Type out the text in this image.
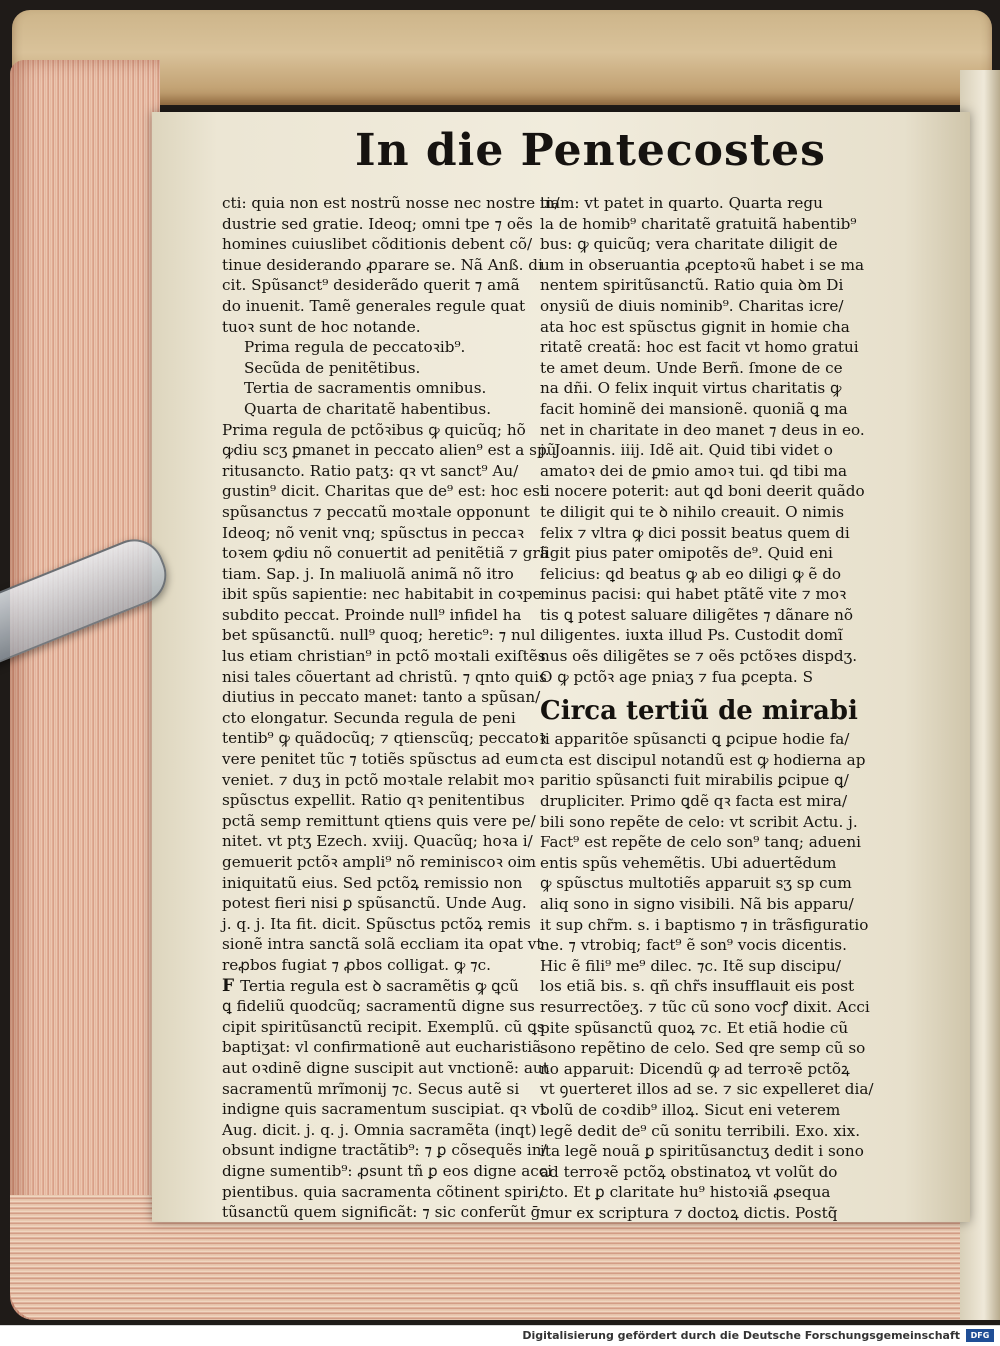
In die Pentecostes
cti: quia non est nostrũ nosse nec nostre in/
dustrie sed gratie. Ideoq; omni tpe ⁊ oẽs
homines cuiuslibet cõditionis debent cõ/
tinue desiderando ꝓparare se. Nã Anß. di
cit. Spũsanct⁹ desiderãdo querit ⁊ amã
do inuenit. Tamẽ generales regule quat
tuoꝛ sunt de hoc notande.
Prima regula de peccatoꝛib⁹.
Secũda de penitẽtibus.
Tertia de sacramentis omnibus.
Quarta de charitatẽ habentibus.
Prima regula de pctõꝛibus ꝙ quicũq; hõ
ꝙdiu scʒ ꝑmanet in peccato alien⁹ est a spũ
ritusancto. Ratio patʒ: qꝛ vt sanct⁹ Au/
gustin⁹ dicit. Charitas que de⁹ est: hoc est
spũsanctus ⁊ peccatũ moꝛtale opponunt
Ideoq; nõ venit vnq; spũsctus in peccaꝛ
toꝛem ꝙdiu nõ conuertit ad penitẽtiã ⁊ grã
tiam. Sap. j. In maliuolã animã nõ itro
ibit spũs sapientie: nec habitabit in coꝛpe
subdito peccat. Proinde null⁹ infidel ha
bet spũsanctũ. null⁹ quoq; heretic⁹: ⁊ nul
lus etiam christian⁹ in pctõ moꝛtali exiſtẽs
nisi tales cõuertant ad christũ. ⁊ qnto quis
diutius in peccato manet: tanto a spũsan/
cto elongatur. Secunda regula de peni
tentib⁹ ꝙ quãdocũq; ⁊ qtienscũq; peccatoꝛ
vere penitet tũc ⁊ totiẽs spũsctus ad eum
veniet. ⁊ duʒ in pctõ moꝛtale relabit moꝛ
spũsctus expellit. Ratio qꝛ penitentibus
pctã semp remittunt qtiens quis vere pe/
nitet. vt ptʒ Ezech. xviij. Quacũq; hoꝛa i/
gemuerit pctõꝛ ampli⁹ nõ reminiscoꝛ oim
iniquitatũ eius. Sed pctõꝝ remissio non
potest fieri nisi ꝑ spũsanctũ. Unde Aug.
j. q. j. Ita fit. dicit. Spũsctus pctõꝝ remis
sionẽ intra sanctã solã eccliam ita opat vt
reꝓbos fugiat ⁊ ꝓbos colligat. ꝙ ⁊c.
F Tertia regula est ꝺ sacramẽtis ꝙ ꝗcũ
ꝗ fideliũ quodcũq; sacramentũ digne sus
cipit spiritũsanctũ recipit. Exemplũ. cũ ꝗs
baptiʒat: vl confirmationẽ aut eucharistiã
aut oꝛdinẽ digne suscipit aut vnctionẽ: aut
sacramentũ mrĩmonij ⁊c. Secus autẽ si
indigne quis sacramentum suscipiat. qꝛ vt
Aug. dicit. j. q. j. Omnia sacramẽta (inqt)
obsunt indigne tractãtib⁹: ⁊ ꝑ cõsequẽs in/
digne sumentib⁹: ꝓsunt tñ ꝑ eos digne acci
pientibus. quia sacramenta cõtinent spiri/
tũsanctũ quem significãt: ⁊ sic conferũt ḡ
tiam: vt patet in quarto. Quarta regu
la de homib⁹ charitatẽ gratuitã habentib⁹
bus: ꝙ quicũq; vera charitate diligit de
um in obseruantia ꝓceptoꝛũ habet i se ma
nentem spiritũsanctũ. Ratio quia ꝺm Di
onysiũ de diuis nominib⁹. Charitas icre/
ata hoc est spũsctus gignit in homie cha
ritatẽ creatã: hoc est facit vt homo gratui
te amet deum. Unde Berñ. ſmone de ce
na dñi. O felix inquit virtus charitatis ꝙ
facit hominẽ dei mansionẽ. quoniã ꝗ ma
net in charitate in deo manet ⁊ deus in eo.
j. Joannis. iiij. Idẽ ait. Quid tibi videt o
amatoꝛ dei de ꝑmio amoꝛ tui. ꝗd tibi ma
li nocere poterit: aut ꝗd boni deerit quãdo
te diligit qui te ꝺ nihilo creauit. O nimis
felix ⁊ vltra ꝙ dici possit beatus quem di
ligit pius pater omipotẽs de⁹. Quid eni
felicius: ꝗd beatus ꝙ ab eo diligi ꝙ ẽ do
minus pacisi: qui habet ptãtẽ vite ⁊ moꝛ
tis ꝗ potest saluare diligẽtes ⁊ dãnare nõ
diligentes. iuxta illud Ps. Custodit domĩ
nus oẽs diligẽtes se ⁊ oẽs pctõꝛes dispdʒ.
O ꝙ pctõꝛ age pniaʒ ⁊ fua ꝑcepta. S
Circa tertiũ de mirabi
li apparitõe spũsancti ꝗ ꝑcipue hodie fa/
cta est discipul notandũ est ꝙ hodierna ap
paritio spũsancti fuit mirabilis ꝑcipue ꝗ/
drupliciter. Primo ꝗdẽ qꝛ facta est mira/
bili sono repẽte de celo: vt scribit Actu. j.
Fact⁹ est repẽte de celo son⁹ tanq; adueni
entis spũs vehemẽtis. Ubi aduertẽdum
ꝙ spũsctus multotiẽs apparuit sʒ sp cum
aliq sono in signo visibili. Nã bis apparu/
it sup chr̃m. s. i baptismo ⁊ in trãsfiguratio
ne. ⁊ vtrobiq; fact⁹ ẽ son⁹ vocis dicentis.
Hic ẽ fili⁹ me⁹ dilec. ⁊c. Itẽ sup discipu/
los etiã bis. s. qñ chr̃s insufflauit eis post
resurrectõeʒ. ⁊ tũc cũ sono vocꝭ dixit. Acci
pite spũsanctũ quoꝝ ⁊c. Et etiã hodie cũ
sono repẽtino de celo. Sed qre semp cũ so
no apparuit: Dicendũ ꝙ ad terroꝛẽ pctõꝝ
vt ꝯuerteret illos ad se. ⁊ sic expelleret dia/
bolũ de coꝛdib⁹ illoꝝ. Sicut eni veterem
legẽ dedit de⁹ cũ sonitu terribili. Exo. xix.
ita legẽ nouã ꝑ spiritũsanctuʒ dedit i sono
ad terroꝛẽ pctõꝝ obstinatoꝝ vt volũt do
cto. Et ꝑ claritate hu⁹ histoꝛiã ꝓsequa
mur ex scriptura ⁊ doctoꝝ dictis. Postq̃
Digitalisierung gefördert durch die Deutsche Forschungsgemeinschaft	DFG
